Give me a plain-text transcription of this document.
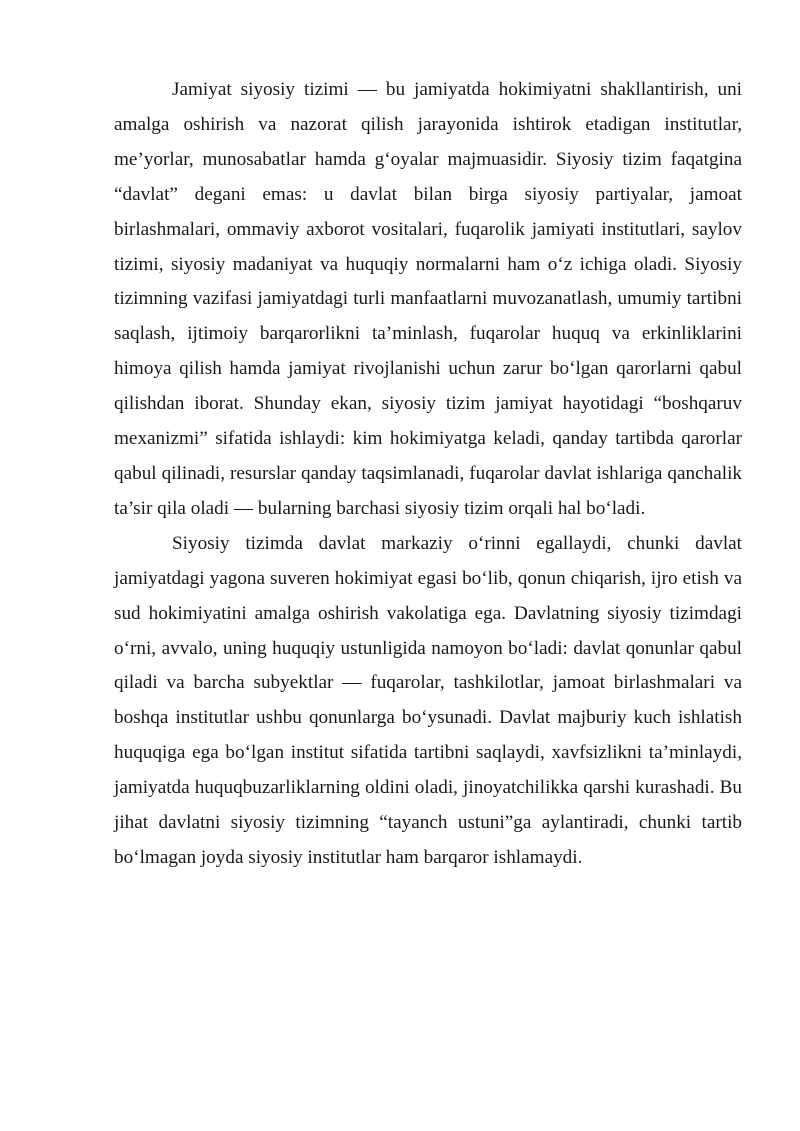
Jamiyat siyosiy tizimi — bu jamiyatda hokimiyatni shakllantirish, uni amalga oshirish va nazorat qilish jarayonida ishtirok etadigan institutlar, me’yorlar, munosabatlar hamda g‘oyalar majmuasidir. Siyosiy tizim faqatgina “davlat” degani emas: u davlat bilan birga siyosiy partiyalar, jamoat birlashmalari, ommaviy axborot vositalari, fuqarolik jamiyati institutlari, saylov tizimi, siyosiy madaniyat va huquqiy normalarni ham o‘z ichiga oladi. Siyosiy tizimning vazifasi jamiyatdagi turli manfaatlarni muvozanatlash, umumiy tartibni saqlash, ijtimoiy barqarorlikni ta’minlash, fuqarolar huquq va erkinliklarini himoya qilish hamda jamiyat rivojlanishi uchun zarur bo‘lgan qarorlarni qabul qilishdan iborat. Shunday ekan, siyosiy tizim jamiyat hayotidagi “boshqaruv mexanizmi” sifatida ishlaydi: kim hokimiyatga keladi, qanday tartibda qarorlar qabul qilinadi, resurslar qanday taqsimlanadi, fuqarolar davlat ishlariga qanchalik ta’sir qila oladi — bularning barchasi siyosiy tizim orqali hal bo‘ladi.

Siyosiy tizimda davlat markaziy o‘rinni egallaydi, chunki davlat jamiyatdagi yagona suveren hokimiyat egasi bo‘lib, qonun chiqarish, ijro etish va sud hokimiyatini amalga oshirish vakolatiga ega. Davlatning siyosiy tizimdagi o‘rni, avvalo, uning huquqiy ustunligida namoyon bo‘ladi: davlat qonunlar qabul qiladi va barcha subyektlar — fuqarolar, tashkilotlar, jamoat birlashmalari va boshqa institutlar ushbu qonunlarga bo‘ysunadi. Davlat majburiy kuch ishlatish huquqiga ega bo‘lgan institut sifatida tartibni saqlaydi, xavfsizlikni ta’minlaydi, jamiyatda huquqbuzarliklarning oldini oladi, jinoyatchilikka qarshi kurashadi. Bu jihat davlatni siyosiy tizimning “tayanch ustuni”ga aylantiradi, chunki tartib bo‘lmagan joyda siyosiy institutlar ham barqaror ishlamaydi.
